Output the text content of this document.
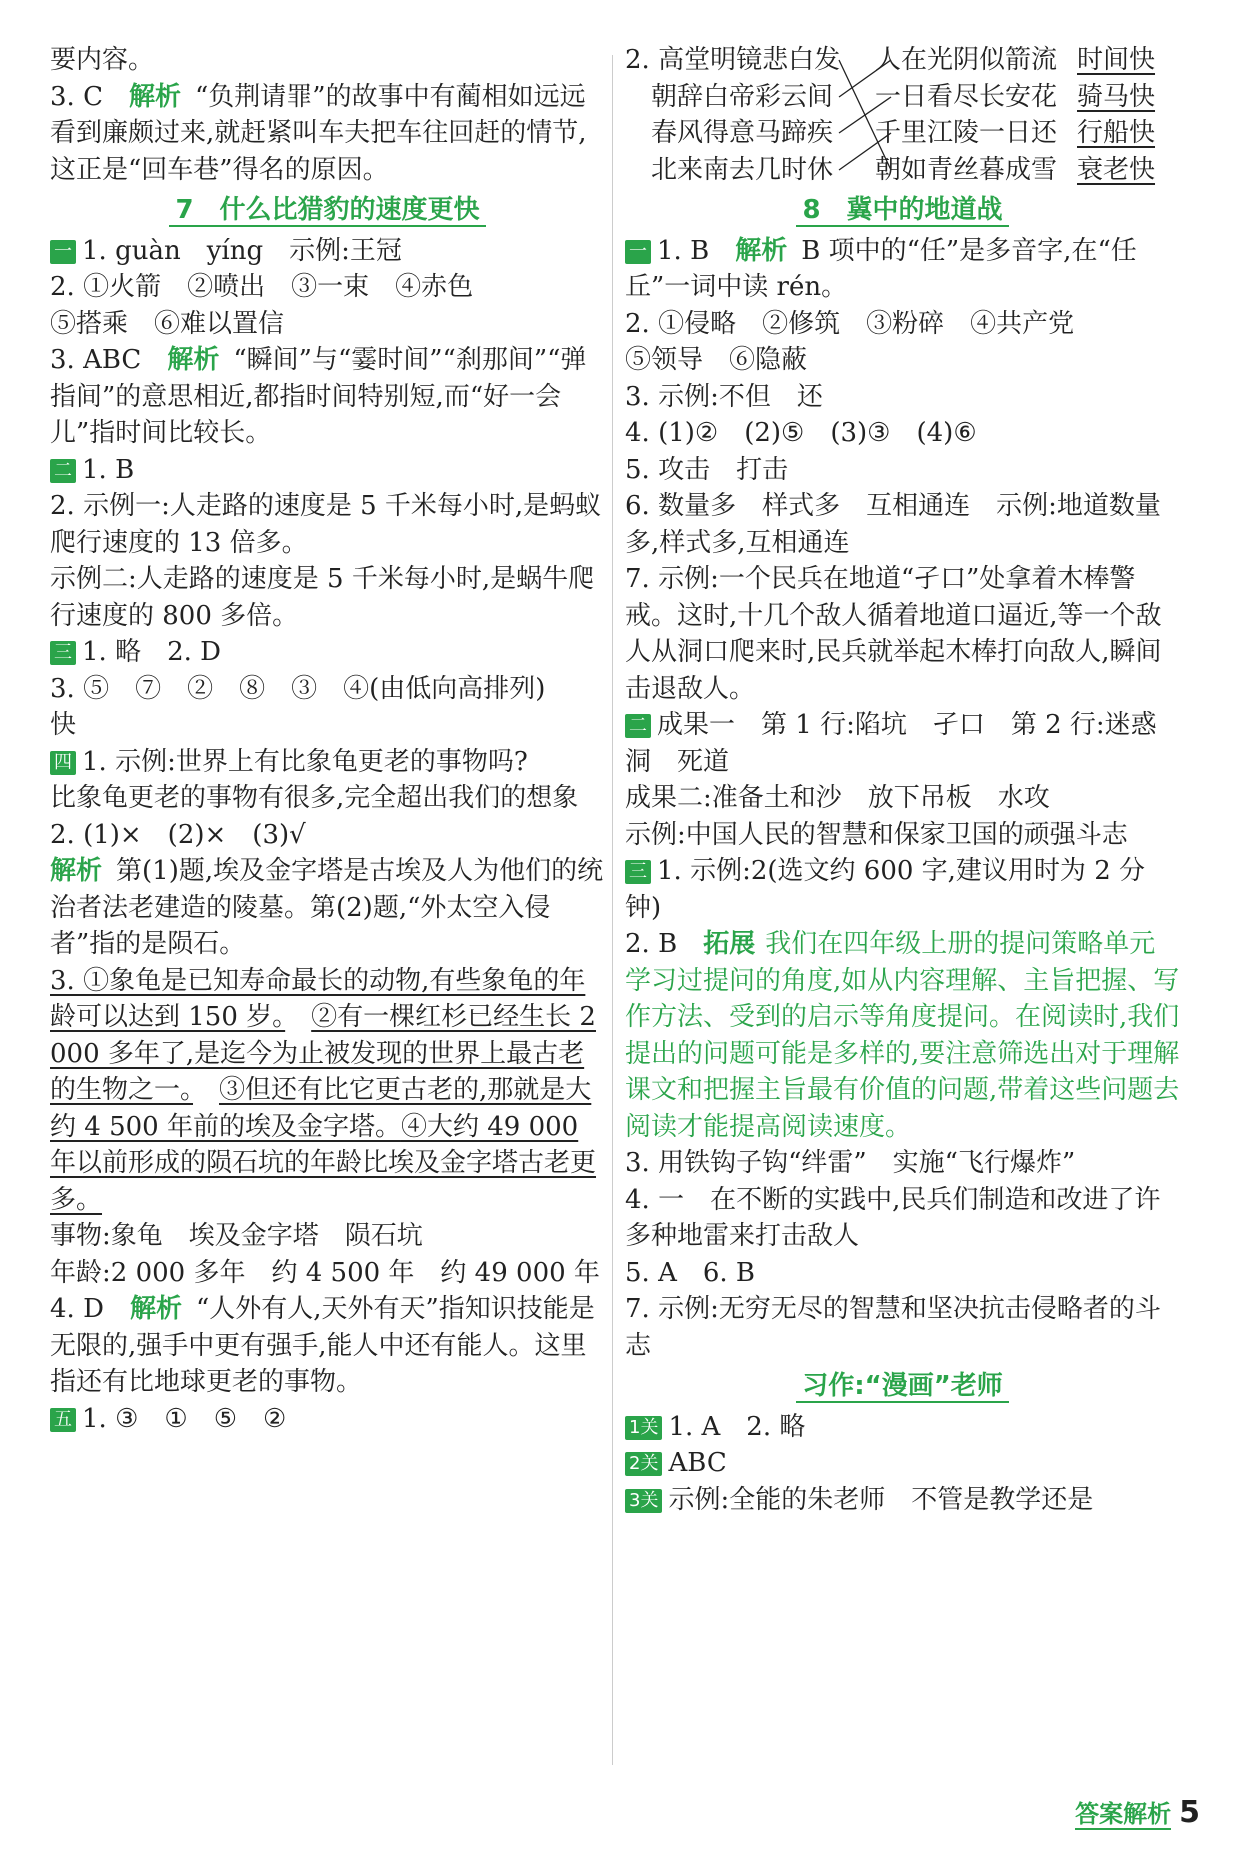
要内容。

3. C　 解析 “负荆请罪”的故事中有蔺相如远远看到廉颇过来,就赶紧叫车夫把车往回赶的情节,这正是“回车巷”得名的原因。

7　什么比猎豹的速度更快

一 1. guàn　yíng　示例:王冠

2. ①火箭　②喷出　③一束　④赤色

⑤搭乘　⑥难以置信

3. ABC　 解析 “瞬间”与“霎时间”“刹那间”“弹指间”的意思相近,都指时间特别短,而“好一会儿”指时间比较长。

二 1. B

2. 示例一:人走路的速度是 5 千米每小时,是蚂蚁爬行速度的 13 倍多。

示例二:人走路的速度是 5 千米每小时,是蜗牛爬行速度的 800 多倍。

三 1. 略　2. D

3. ⑤　⑦　②　⑧　③　④(由低向高排列)

快

四 1. 示例:世界上有比象龟更老的事物吗?

比象龟更老的事物有很多,完全超出我们的想象

2. (1)×　(2)×　(3)√

解析 第(1)题,埃及金字塔是古埃及人为他们的统治者法老建造的陵墓。第(2)题,“外太空入侵者”指的是陨石。

3. ①象龟是已知寿命最长的动物,有些象龟的年龄可以达到 150 岁。　 ②有一棵红杉已经生长 2 000 多年了,是迄今为止被发现的世界上最古老的生物之一。　 ③但还有比它更古老的,那就是大约 4 500 年前的埃及金字塔。④大约 49 000 年以前形成的陨石坑的年龄比埃及金字塔古老更多。

事物:象龟　埃及金字塔　陨石坑

年龄:2 000 多年　约 4 500 年　约 49 000 年

4. D　 解析 “人外有人,天外有天”指知识技能是无限的,强手中更有强手,能人中还有能人。这里指还有比地球更老的事物。

五 1. ③　①　⑤　②

2. 高堂明镜悲白发
　朝辞白帝彩云间
　春风得意马蹄疾
　北来南去几时休
人在光阴似箭流
一日看尽长安花
千里江陵一日还
朝如青丝暮成雪
时间快
骑马快
行船快
衰老快
8　冀中的地道战

一 1. B　 解析 B 项中的“任”是多音字,在“任丘”一词中读 rén。

2. ①侵略　②修筑　③粉碎　④共产党

⑤领导　⑥隐蔽

3. 示例:不但　还

4. (1)②　(2)⑤　(3)③　(4)⑥

5. 攻击　打击

6. 数量多　样式多　互相通连　示例:地道数量多,样式多,互相通连

7. 示例:一个民兵在地道“孑口”处拿着木棒警戒。这时,十几个敌人循着地道口逼近,等一个敌人从洞口爬来时,民兵就举起木棒打向敌人,瞬间击退敌人。

二 成果一　第 1 行:陷坑　孑口　第 2 行:迷惑洞　死道

成果二:准备土和沙　放下吊板　水攻

示例:中国人民的智慧和保家卫国的顽强斗志

三 1. 示例:2(选文约 600 字,建议用时为 2 分钟)

2. B　 拓展 我们在四年级上册的提问策略单元学习过提问的角度,如从内容理解、主旨把握、写作方法、受到的启示等角度提问。在阅读时,我们提出的问题可能是多样的,要注意筛选出对于理解课文和把握主旨最有价值的问题,带着这些问题去阅读才能提高阅读速度。

3. 用铁钩子钩“绊雷”　实施“飞行爆炸”

4. 一　在不断的实践中,民兵们制造和改进了许多种地雷来打击敌人

5. A　6. B

7. 示例:无穷无尽的智慧和坚决抗击侵略者的斗志

习作:“漫画”老师

1关 1. A　2. 略

2关 ABC

3关 示例:全能的朱老师　不管是教学还是

答案解析 5
